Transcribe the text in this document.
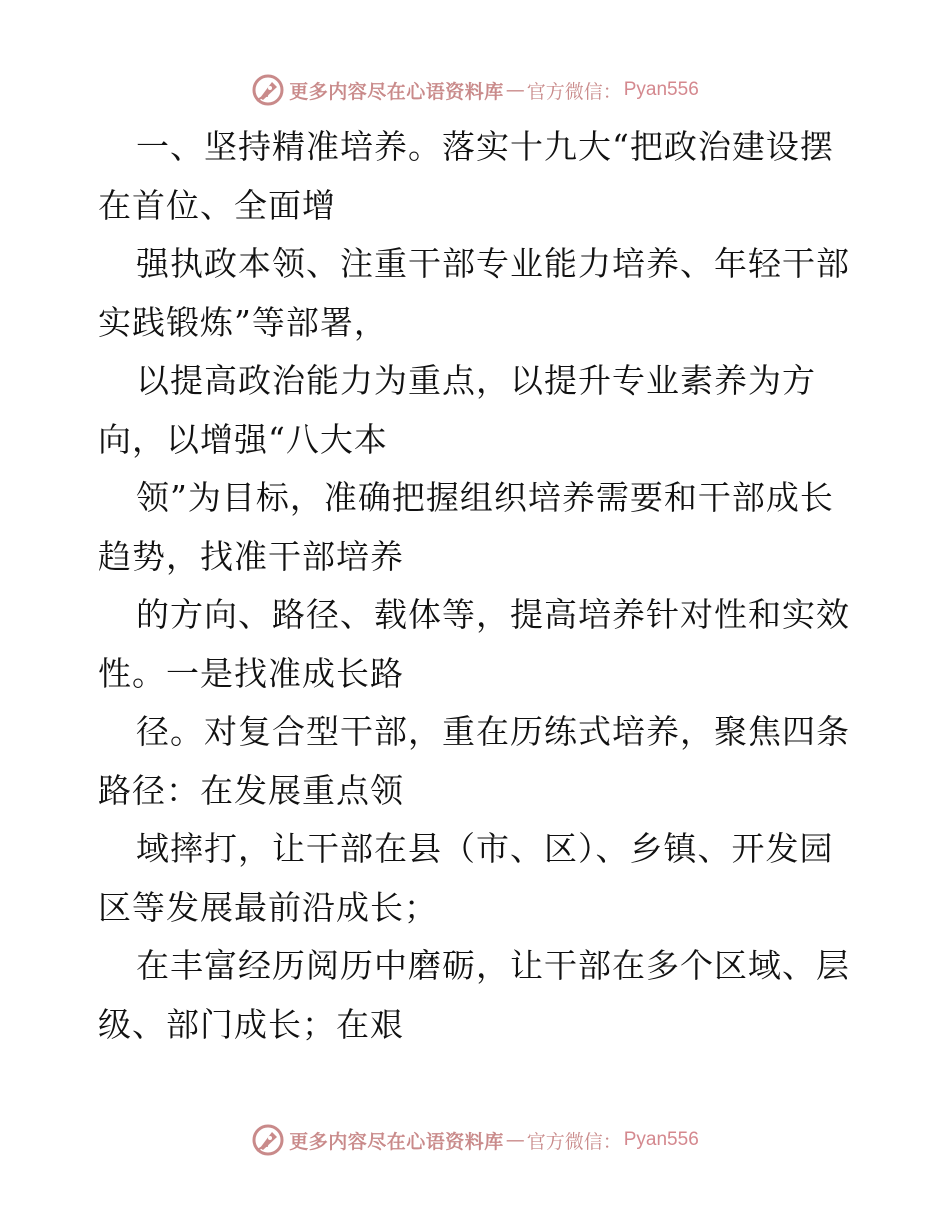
更多内容尽在心语资料库 — 官方微信： Pyan556
一、坚持精准培养。落实十九大“把政治建设摆
在首位、全面增
强执政本领、注重干部专业能力培养、年轻干部
实践锻炼”等部署，
以提高政治能力为重点，以提升专业素养为方
向，以增强“八大本
领”为目标，准确把握组织培养需要和干部成长
趋势，找准干部培养
的方向、路径、载体等，提高培养针对性和实效
性。一是找准成长路
径。对复合型干部，重在历练式培养，聚焦四条
路径：在发展重点领
域摔打，让干部在县（市、区）、乡镇、开发园
区等发展最前沿成长；
在丰富经历阅历中磨砺，让干部在多个区域、层
级、部门成长；在艰
更多内容尽在心语资料库 — 官方微信： Pyan556
